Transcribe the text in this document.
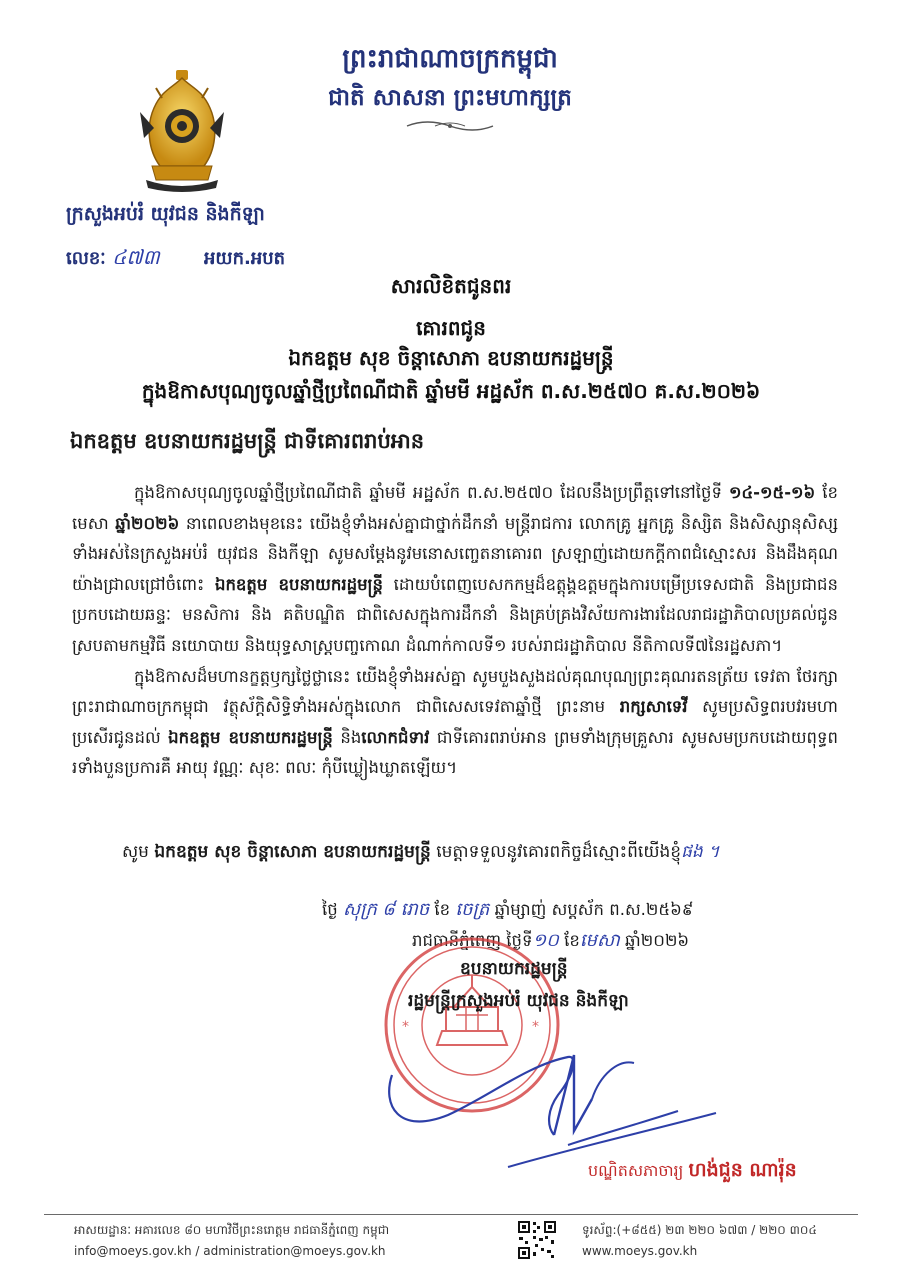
ព្រះរាជាណាចក្រកម្ពុជា
ជាតិ សាសនា ព្រះមហាក្សត្រ
ក្រសួងអប់រំ យុវជន និងកីឡា
លេខៈ ៤៧៣ អយក.អបត
សារលិខិតជូនពរ
គោរពជូន
ឯកឧត្តម សុខ ចិន្តាសោភា ឧបនាយករដ្ឋមន្ត្រី
ក្នុងឱកាសបុណ្យចូលឆ្នាំថ្មីប្រពៃណីជាតិ ឆ្នាំមមី អដ្ឋស័ក ព.ស.២៥៧០ គ.ស.២០២៦
ឯកឧត្តម ឧបនាយករដ្ឋមន្ត្រី ជាទីគោរពរាប់អាន

ក្នុងឱកាសបុណ្យចូលឆ្នាំថ្មីប្រពៃណីជាតិ ឆ្នាំមមី អដ្ឋស័ក ព.ស.២៥៧០ ដែលនឹងប្រព្រឹត្តទៅនៅថ្ងៃទី ១៤-១៥-១៦ ខែមេសា ឆ្នាំ២០២៦ នាពេលខាងមុខនេះ យើងខ្ញុំទាំងអស់គ្នាជាថ្នាក់ដឹកនាំ មន្ត្រីរាជការ លោកគ្រូ អ្នកគ្រូ និស្សិត និងសិស្សានុសិស្សទាំងអស់នៃក្រសួងអប់រំ យុវជន និងកីឡា សូមសម្តែងនូវមនោសញ្ចេតនាគោរព ស្រឡាញ់ដោយកក្តីកាពជំស្មោះសរ និងដឹងគុណយ៉ាងជ្រាលជ្រៅចំពោះ ឯកឧត្តម ឧបនាយករដ្ឋមន្ត្រី ដោយបំពេញបេសកកម្មដ៏ឧត្តុង្គឧត្តមក្នុងការបម្រើប្រទេសជាតិ និងប្រជាជន ប្រកបដោយឆន្ទៈ មនសិការ និង គតិបណ្ឌិត ជាពិសេសក្នុងការដឹកនាំ និងគ្រប់គ្រងវិស័យការងារដែលរាជរដ្ឋាភិបាលប្រគល់ជូន ស្របតាមកម្មវិធី នយោបាយ និងយុទ្ធសាស្ត្របញ្ចកោណ ដំណាក់កាលទី១ របស់រាជរដ្ឋាភិបាល នីតិកាលទី៧នៃរដ្ឋសភា។

ក្នុងឱកាសដ៏មហានក្ខត្តឫក្សថ្លៃថ្លានេះ យើងខ្ញុំទាំងអស់គ្នា សូមបួងសួងដល់គុណបុណ្យព្រះគុណរតនត្រ័យ ទេវតា ថែរក្សាព្រះរាជាណាចក្រកម្ពុជា វត្ថុស័ក្តិសិទ្ធិទាំងអស់ក្នុងលោក ជាពិសេសទេវតាឆ្នាំថ្មី ព្រះនាម រាក្សសាទេវី សូមប្រសិទ្ធពរបវរមហាប្រសើរជូនដល់ ឯកឧត្តម ឧបនាយករដ្ឋមន្ត្រី និងលោកជំទាវ ជាទីគោរពរាប់អាន ព្រមទាំងក្រុមគ្រួសារ សូមសមប្រកបដោយពុទ្ធពរទាំងបួនប្រការគឺ អាយុ វណ្ណៈ សុខៈ ពលៈ កុំបីឃ្លៀងឃ្លាតឡើយ។

សូម ឯកឧត្តម សុខ ចិន្តាសោភា ឧបនាយករដ្ឋមន្ត្រី មេត្តាទទួលនូវគោរពកិច្ចដ៏ស្មោះពីយើងខ្ញុំផង ។
ថ្ងៃ សុក្រ ៨ រោច ខែ ចេត្រ ឆ្នាំម្សាញ់ សប្តស័ក ព.ស.២៥៦៩
រាជធានីភ្នំពេញ ថ្ងៃទី១០ ខែមេសា ឆ្នាំ២០២៦
*	*
ឧបនាយករដ្ឋមន្ត្រី
រដ្ឋមន្ត្រីក្រសួងអប់រំ យុវជន និងកីឡា
បណ្ឌិតសភាចារ្យ ហង់ជួន ណារ៉ុន
អាសយដ្ឋានៈ អគារលេខ ៨០ មហាវិថីព្រះនរោត្តម រាជធានីភ្នំពេញ កម្ពុជា
info@moeys.gov.kh / administration@moeys.gov.kh
ទូរស័ព្ទ:(+៨៥៥) ២៣ ២២០ ៦៧៣ / ២២០ ៣០៤
www.moeys.gov.kh
